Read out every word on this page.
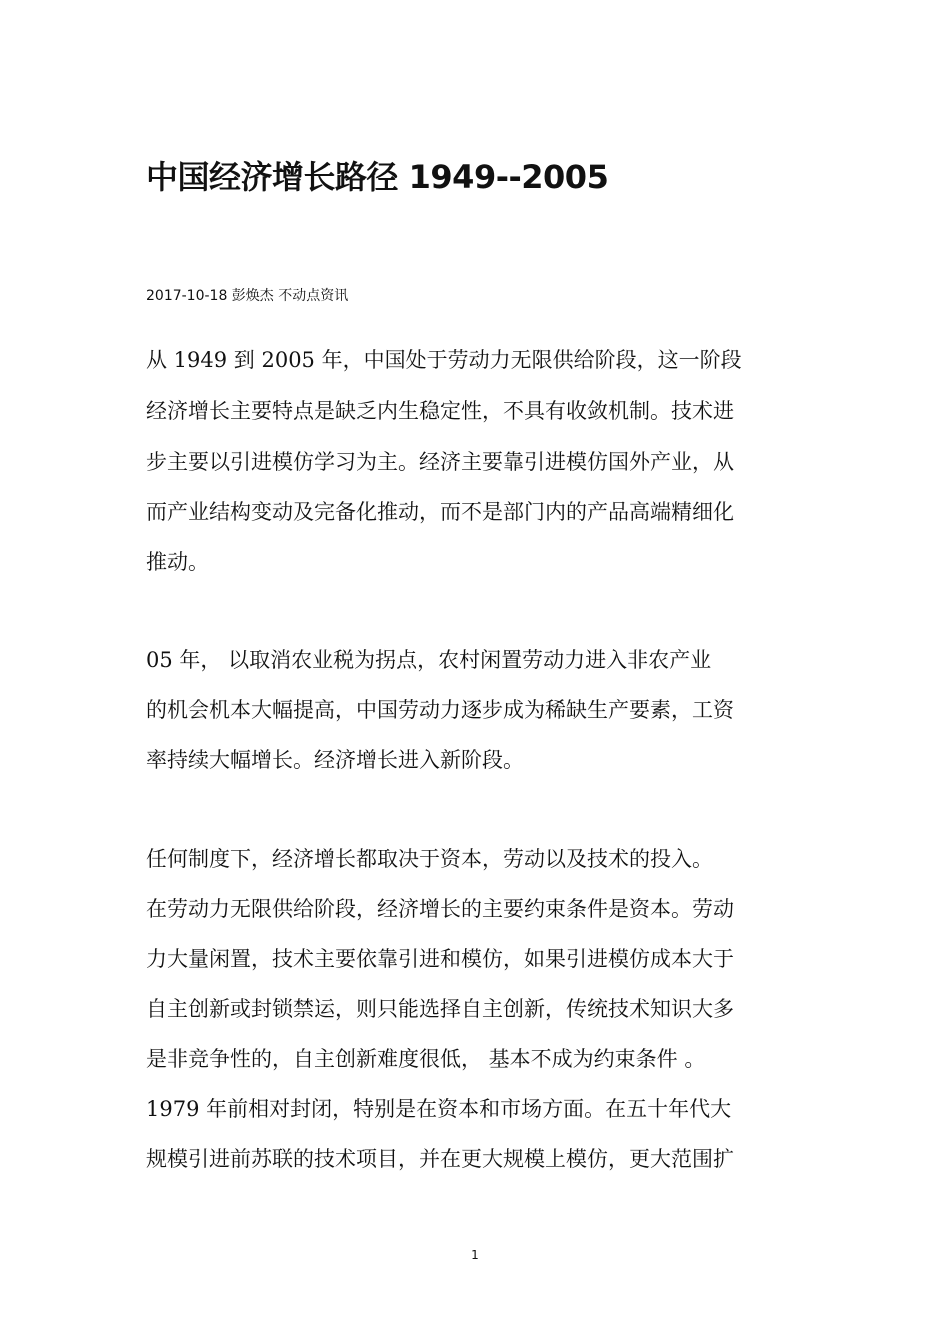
中国经济增长路径 1949--2005
2017-10-18 彭焕杰 不动点资讯
从 1949 到 2005 年，中国处于劳动力无限供给阶段，这一阶段
经济增长主要特点是缺乏内生稳定性，不具有收敛机制。技术进
步主要以引进模仿学习为主。经济主要靠引进模仿国外产业，从
而产业结构变动及完备化推动，而不是部门内的产品高端精细化
推动。
05 年， 以取消农业税为拐点，农村闲置劳动力进入非农产业
的机会机本大幅提高，中国劳动力逐步成为稀缺生产要素，工资
率持续大幅增长。经济增长进入新阶段。
任何制度下，经济增长都取决于资本，劳动以及技术的投入。
在劳动力无限供给阶段，经济增长的主要约束条件是资本。劳动
力大量闲置，技术主要依靠引进和模仿，如果引进模仿成本大于
自主创新或封锁禁运，则只能选择自主创新，传统技术知识大多
是非竞争性的，自主创新难度很低， 基本不成为约束条件 。
1979 年前相对封闭，特别是在资本和市场方面。在五十年代大
规模引进前苏联的技术项目，并在更大规模上模仿，更大范围扩
1
